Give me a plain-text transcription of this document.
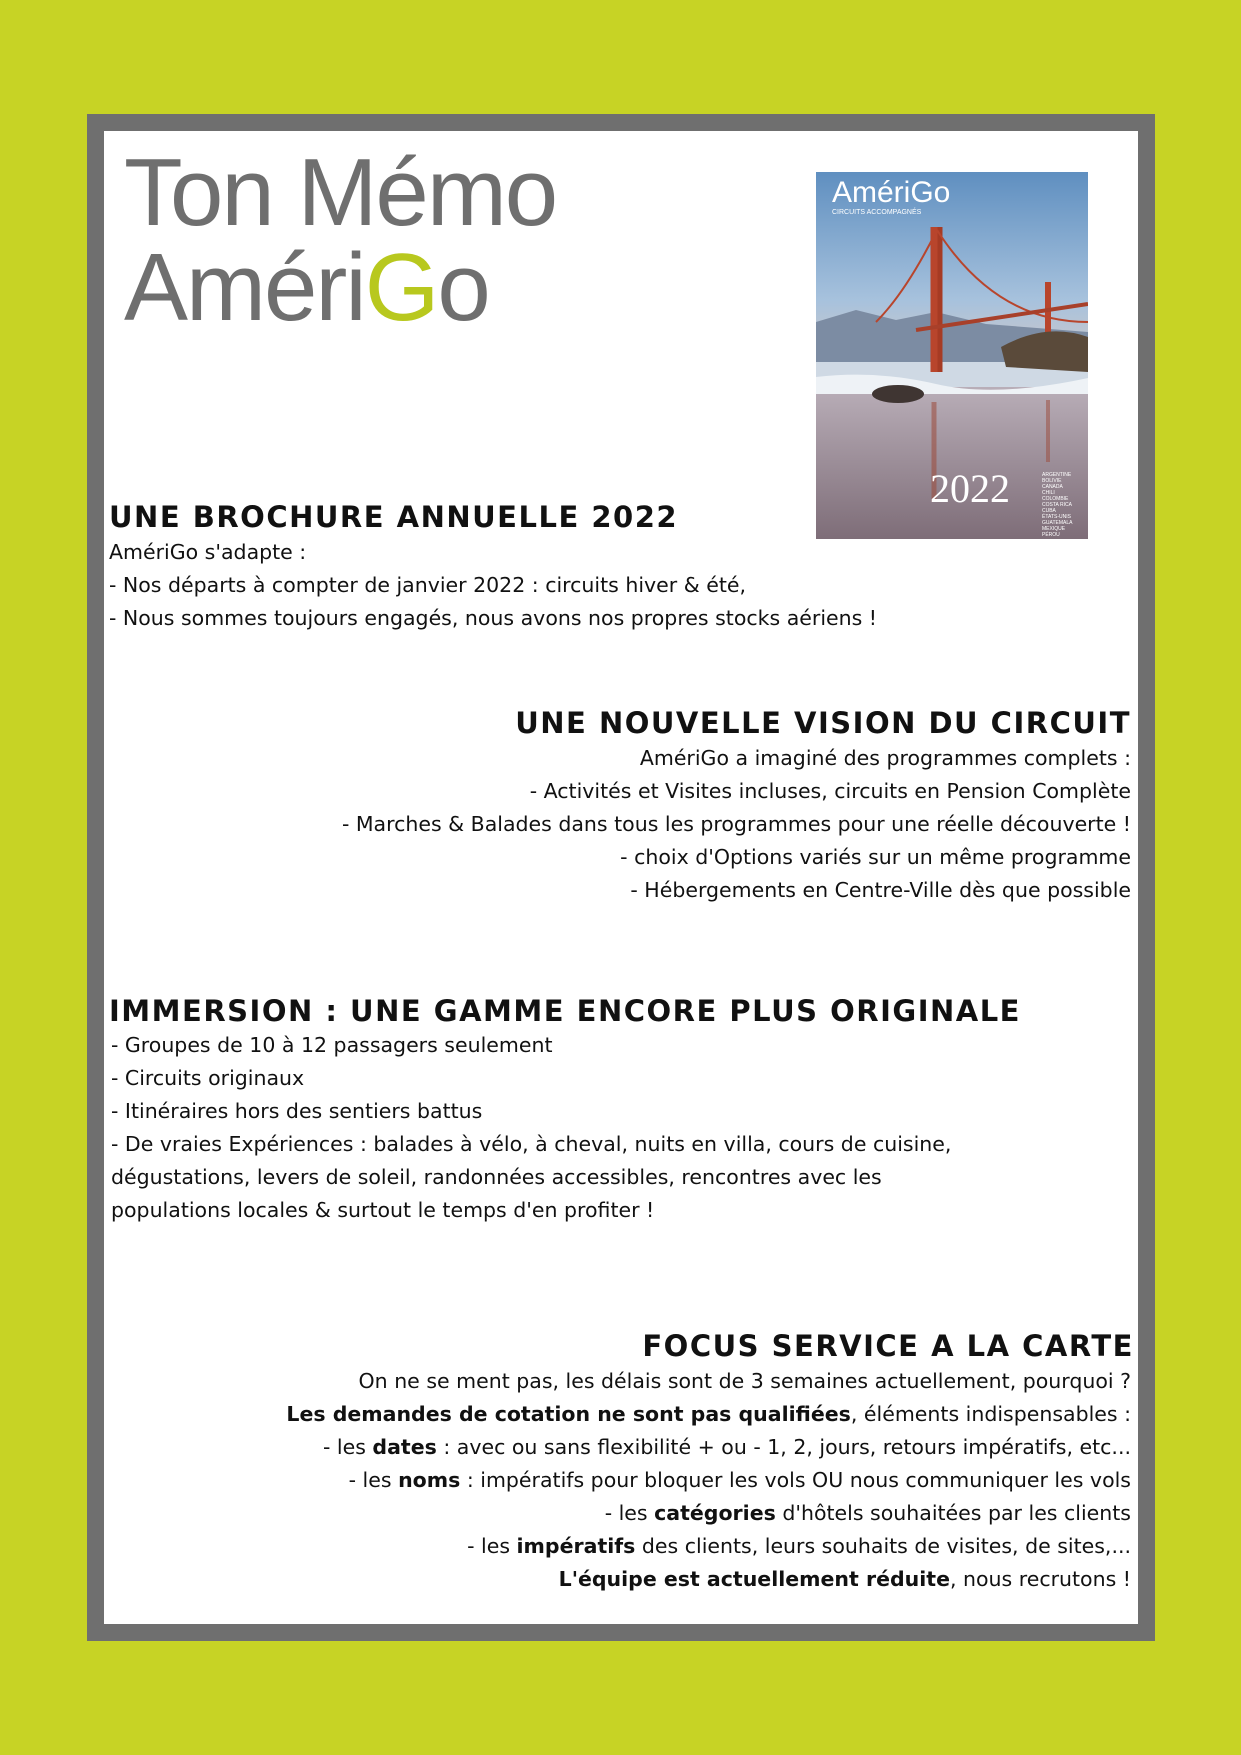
Ton Mémo
AmériGo
AmériGo
CIRCUITS ACCOMPAGNÉS
2022	ARGENTINE
BOLIVIE
CANADA
CHILI
COLOMBIE
COSTA RICA
CUBA
ÉTATS-UNIS
GUATEMALA
MEXIQUE
PÉROU
UNE BROCHURE ANNUELLE 2022
AmériGo s'adapte :
- Nos départs à compter de janvier 2022 : circuits hiver & été,
- Nous sommes toujours engagés, nous avons nos propres stocks aériens !
UNE NOUVELLE VISION DU CIRCUIT
AmériGo a imaginé des programmes complets :
- Activités et Visites incluses, circuits en Pension Complète
- Marches & Balades dans tous les programmes pour une réelle découverte !
- choix d'Options variés sur un même programme
- Hébergements en Centre-Ville dès que possible
IMMERSION : UNE GAMME ENCORE PLUS ORIGINALE
- Groupes de 10 à 12 passagers seulement
- Circuits originaux
- Itinéraires hors des sentiers battus
- De vraies Expériences : balades à vélo, à cheval, nuits en villa, cours de cuisine,
dégustations, levers de soleil, randonnées accessibles, rencontres avec les
populations locales & surtout le temps d'en profiter !
FOCUS SERVICE A LA CARTE
On ne se ment pas, les délais sont de 3 semaines actuellement, pourquoi ?
Les demandes de cotation ne sont pas qualifiées, éléments indispensables :
- les dates : avec ou sans flexibilité + ou - 1, 2, jours, retours impératifs, etc...
- les noms : impératifs pour bloquer les vols OU nous communiquer les vols
- les catégories d'hôtels souhaitées par les clients
- les impératifs des clients, leurs souhaits de visites, de sites,...
L'équipe est actuellement réduite, nous recrutons !
